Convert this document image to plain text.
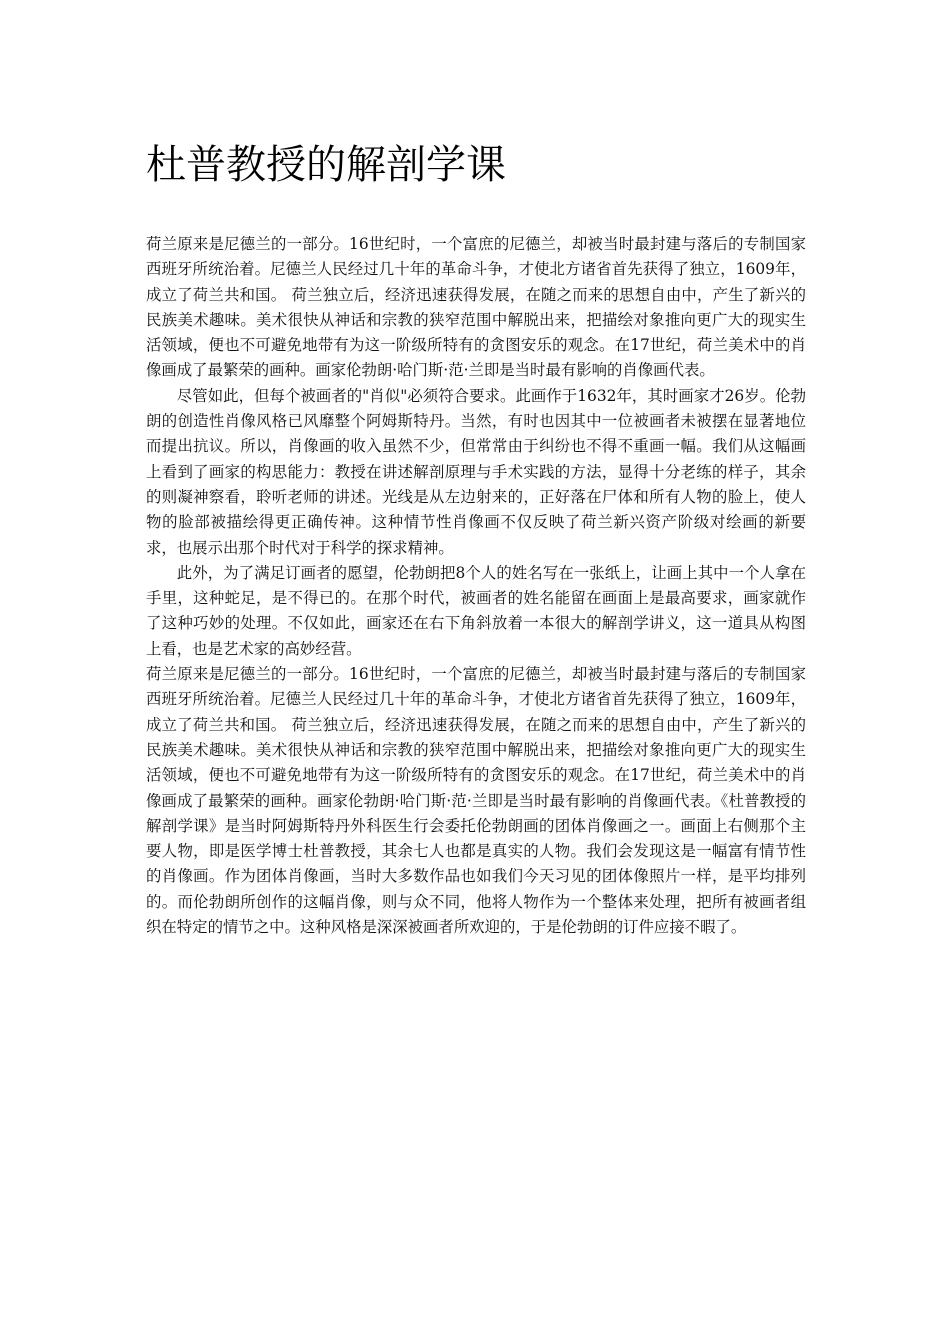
杜普教授的解剖学课

荷兰原来是尼德兰的一部分。16世纪时，一个富庶的尼德兰，却被当时最封建与落后的专制国家西班牙所统治着。尼德兰人民经过几十年的革命斗争，才使北方诸省首先获得了独立，1609年，成立了荷兰共和国。 荷兰独立后，经济迅速获得发展，在随之而来的思想自由中，产生了新兴的民族美术趣味。美术很快从神话和宗教的狭窄范围中解脱出来，把描绘对象推向更广大的现实生活领域，便也不可避免地带有为这一阶级所特有的贪图安乐的观念。在17世纪，荷兰美术中的肖像画成了最繁荣的画种。画家伦勃朗·哈门斯·范·兰即是当时最有影响的肖像画代表。

尽管如此，但每个被画者的"肖似"必须符合要求。此画作于1632年，其时画家才26岁。伦勃朗的创造性肖像风格已风靡整个阿姆斯特丹。当然，有时也因其中一位被画者未被摆在显著地位而提出抗议。所以，肖像画的收入虽然不少，但常常由于纠纷也不得不重画一幅。我们从这幅画上看到了画家的构思能力：教授在讲述解剖原理与手术实践的方法，显得十分老练的样子，其余的则凝神察看，聆听老师的讲述。光线是从左边射来的，正好落在尸体和所有人物的脸上，使人物的脸部被描绘得更正确传神。这种情节性肖像画不仅反映了荷兰新兴资产阶级对绘画的新要求，也展示出那个时代对于科学的探求精神。

此外，为了满足订画者的愿望，伦勃朗把8个人的姓名写在一张纸上，让画上其中一个人拿在手里，这种蛇足，是不得已的。在那个时代，被画者的姓名能留在画面上是最高要求，画家就作了这种巧妙的处理。不仅如此，画家还在右下角斜放着一本很大的解剖学讲义，这一道具从构图上看，也是艺术家的高妙经营。

荷兰原来是尼德兰的一部分。16世纪时，一个富庶的尼德兰，却被当时最封建与落后的专制国家西班牙所统治着。尼德兰人民经过几十年的革命斗争，才使北方诸省首先获得了独立，1609年，成立了荷兰共和国。 荷兰独立后，经济迅速获得发展，在随之而来的思想自由中，产生了新兴的民族美术趣味。美术很快从神话和宗教的狭窄范围中解脱出来，把描绘对象推向更广大的现实生活领域，便也不可避免地带有为这一阶级所特有的贪图安乐的观念。在17世纪，荷兰美术中的肖像画成了最繁荣的画种。画家伦勃朗·哈门斯·范·兰即是当时最有影响的肖像画代表。《杜普教授的解剖学课》是当时阿姆斯特丹外科医生行会委托伦勃朗画的团体肖像画之一。画面上右侧那个主要人物，即是医学博士杜普教授，其余七人也都是真实的人物。我们会发现这是一幅富有情节性的肖像画。作为团体肖像画，当时大多数作品也如我们今天习见的团体像照片一样，是平均排列的。而伦勃朗所创作的这幅肖像，则与众不同，他将人物作为一个整体来处理，把所有被画者组织在特定的情节之中。这种风格是深深被画者所欢迎的，于是伦勃朗的订件应接不暇了。
